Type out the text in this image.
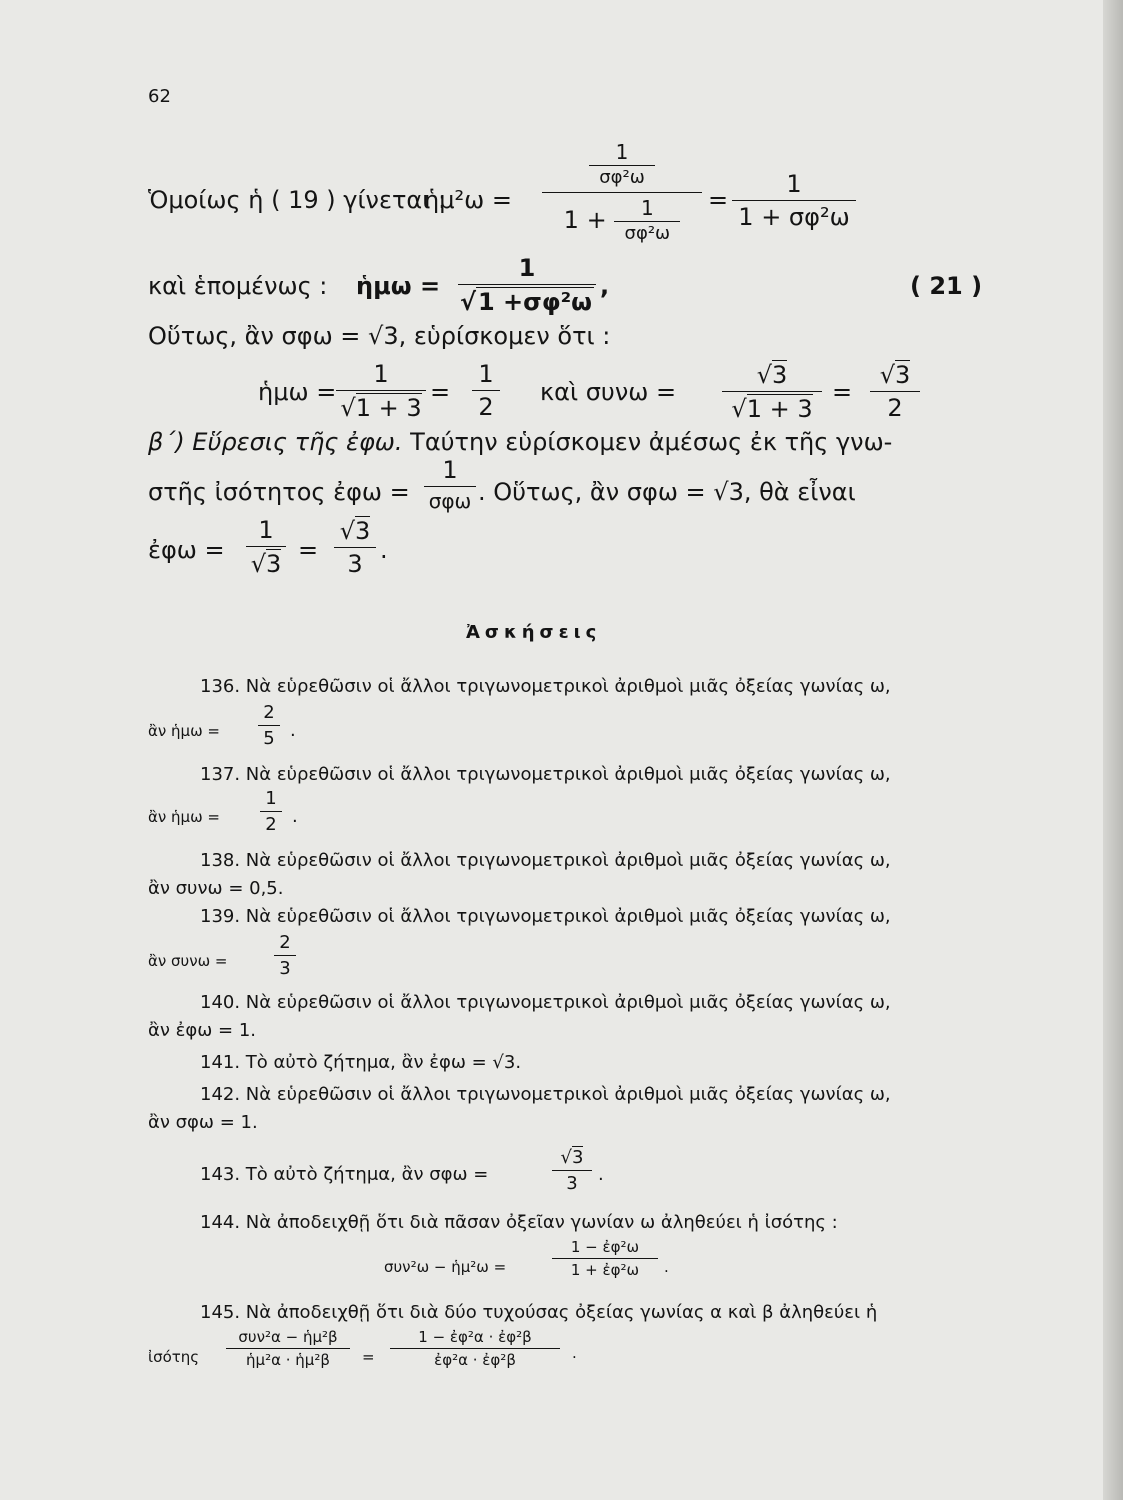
62
Ὁμοίως ἡ ( 19 ) γίνεται :
ἡμ²ω =
$\frac{1}{\text{σφ²ω}}$
$1 + \frac{1}{\text{σφ²ω}}$ =
1
1 + σφ²ω
καὶ ἑπομένως : ἡμω =
1
√1 +σφ²ω
,	( 21 )
Οὕτως, ἂν σφω = √3, εὑρίσκομεν ὅτι :
ἡμω =
1
√1 + 3
=
1
2
καὶ συνω =
√3
√1 + 3
=
√3
2
β΄) Εὕρεσις τῆς ἐφω. Ταύτην εὑρίσκομεν ἀμέσως ἐκ τῆς γνω-
στῆς ἰσότητος ἐφω =
1
σφω . Οὕτως, ἂν σφω = √3, θὰ εἶναι
ἐφω =
1
√3 =
√3
3 .
Ἀσκήσεις
136. Νὰ εὑρεθῶσιν οἱ ἄλλοι τριγωνομετρικοὶ ἀριθμοὶ μιᾶς ὀξείας γωνίας ω,
ἂν ἡμω =
2
5 .
137. Νὰ εὑρεθῶσιν οἱ ἄλλοι τριγωνομετρικοὶ ἀριθμοὶ μιᾶς ὀξείας γωνίας ω,
ἂν ἡμω =
1
2 .
138. Νὰ εὑρεθῶσιν οἱ ἄλλοι τριγωνομετρικοὶ ἀριθμοὶ μιᾶς ὀξείας γωνίας ω,
ἂν συνω = 0,5.
139. Νὰ εὑρεθῶσιν οἱ ἄλλοι τριγωνομετρικοὶ ἀριθμοὶ μιᾶς ὀξείας γωνίας ω,
ἂν συνω =
2
3
140. Νὰ εὑρεθῶσιν οἱ ἄλλοι τριγωνομετρικοὶ ἀριθμοὶ μιᾶς ὀξείας γωνίας ω,
ἂν ἐφω = 1.
141. Τὸ αὐτὸ ζήτημα, ἂν ἐφω = √3.
142. Νὰ εὑρεθῶσιν οἱ ἄλλοι τριγωνομετρικοὶ ἀριθμοὶ μιᾶς ὀξείας γωνίας ω,
ἂν σφω = 1.
143. Τὸ αὐτὸ ζήτημα, ἂν σφω =
√3
3	.
144. Νὰ ἀποδειχθῇ ὅτι διὰ πᾶσαν ὀξεῖαν γωνίαν ω ἀληθεύει ἡ ἰσότης :
συν²ω − ἡμ²ω =
1 − ἐφ²ω
1 + ἐφ²ω	.
145. Νὰ ἀποδειχθῇ ὅτι διὰ δύο τυχούσας ὀξείας γωνίας α καὶ β ἀληθεύει ἡ
ἰσότης
συν²α − ἡμ²β
ἡμ²α · ἡμ²β	=
1 − ἐφ²α · ἐφ²β
ἐφ²α · ἐφ²β	.
